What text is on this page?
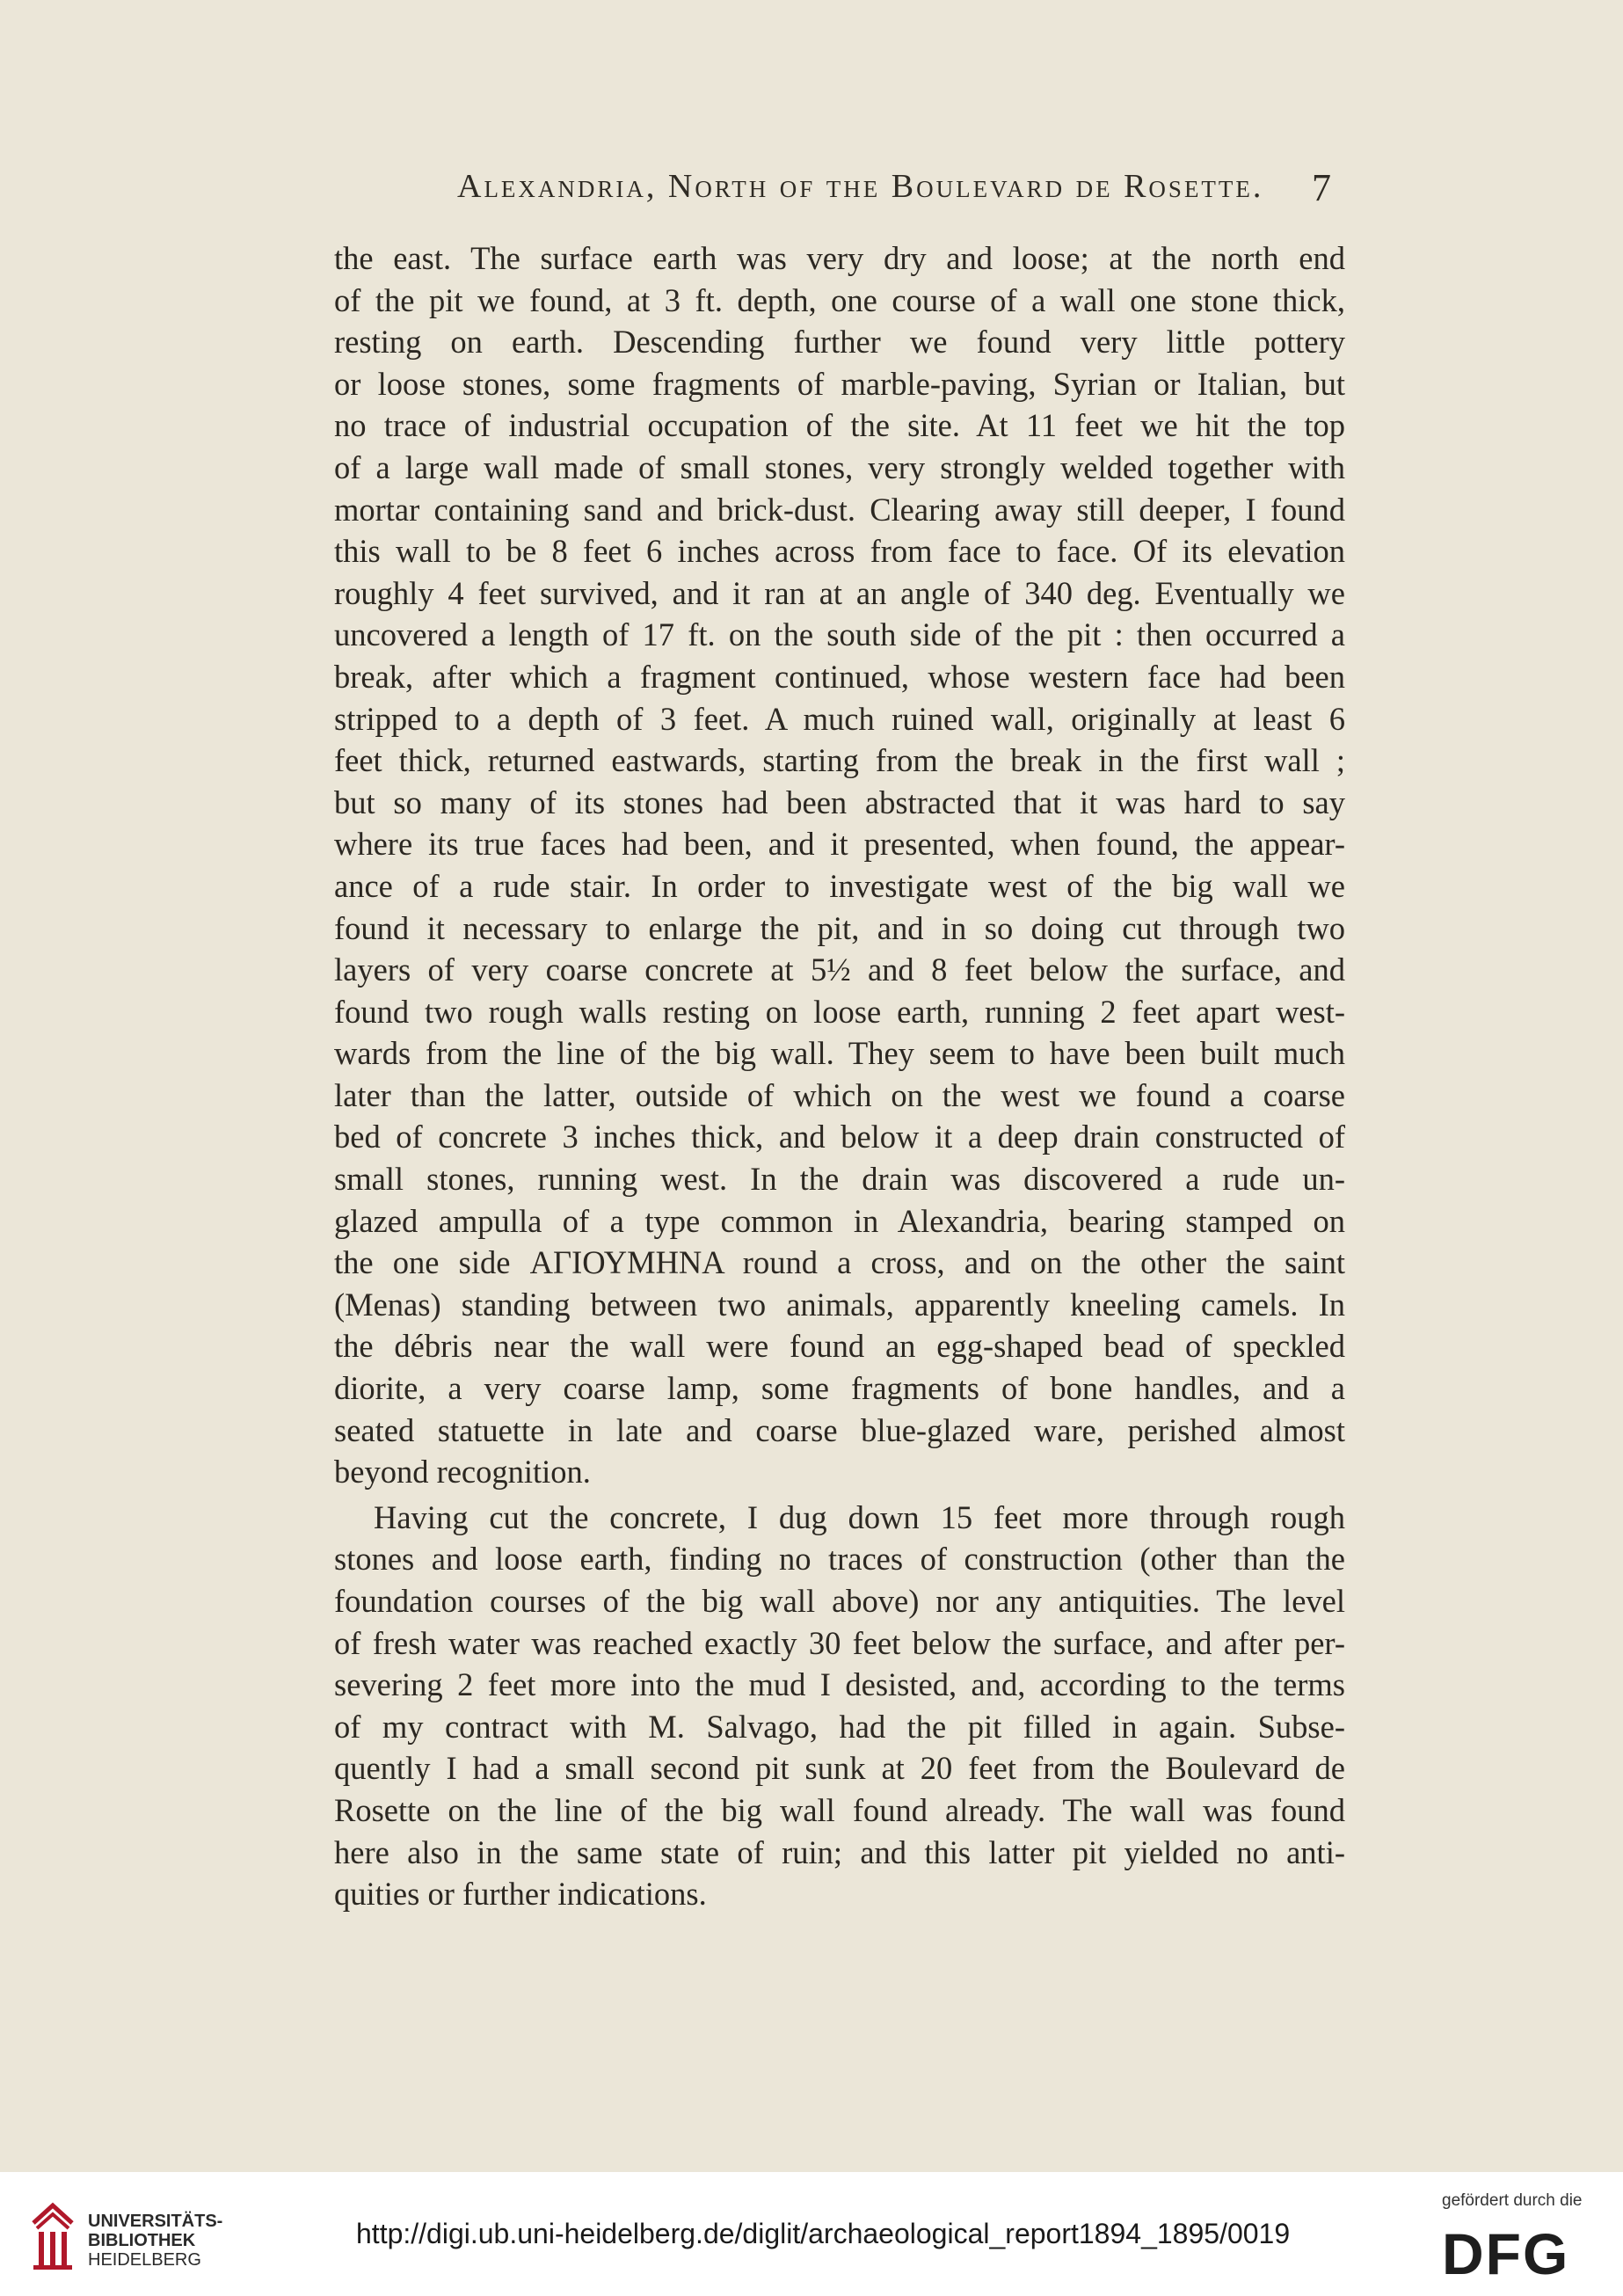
Alexandria, North of the Boulevard de Rosette.	7
the east. The surface earth was very dry and loose; at the north end
of the pit we found, at 3 ft. depth, one course of a wall one stone thick,
resting on earth. Descending further we found very little pottery
or loose stones, some fragments of marble-paving, Syrian or Italian, but
no trace of industrial occupation of the site. At 11 feet we hit the top
of a large wall made of small stones, very strongly welded together with
mortar containing sand and brick-dust. Clearing away still deeper, I found
this wall to be 8 feet 6 inches across from face to face. Of its elevation
roughly 4 feet survived, and it ran at an angle of 340 deg. Eventually we
uncovered a length of 17 ft. on the south side of the pit : then occurred a
break, after which a fragment continued, whose western face had been
stripped to a depth of 3 feet. A much ruined wall, originally at least 6
feet thick, returned eastwards, starting from the break in the first wall ;
but so many of its stones had been abstracted that it was hard to say
where its true faces had been, and it presented, when found, the appear-
ance of a rude stair. In order to investigate west of the big wall we
found it necessary to enlarge the pit, and in so doing cut through two
layers of very coarse concrete at 5½ and 8 feet below the surface, and
found two rough walls resting on loose earth, running 2 feet apart west-
wards from the line of the big wall. They seem to have been built much
later than the latter, outside of which on the west we found a coarse
bed of concrete 3 inches thick, and below it a deep drain constructed of
small stones, running west. In the drain was discovered a rude un-
glazed ampulla of a type common in Alexandria, bearing stamped on
the one side ΑΓΙΟΥΜΗΝΑ round a cross, and on the other the saint
(Menas) standing between two animals, apparently kneeling camels. In
the débris near the wall were found an egg-shaped bead of speckled
diorite, a very coarse lamp, some fragments of bone handles, and a
seated statuette in late and coarse blue-glazed ware, perished almost
beyond recognition.
Having cut the concrete, I dug down 15 feet more through rough
stones and loose earth, finding no traces of construction (other than the
foundation courses of the big wall above) nor any antiquities. The level
of fresh water was reached exactly 30 feet below the surface, and after per-
severing 2 feet more into the mud I desisted, and, according to the terms
of my contract with M. Salvago, had the pit filled in again. Subse-
quently I had a small second pit sunk at 20 feet from the Boulevard de
Rosette on the line of the big wall found already. The wall was found
here also in the same state of ruin; and this latter pit yielded no anti-
quities or further indications.
UNIVERSITÄTS-
BIBLIOTHEK
HEIDELBERG
http://digi.ub.uni-heidelberg.de/diglit/archaeological_report1894_1895/0019
gefördert durch die
DFG
